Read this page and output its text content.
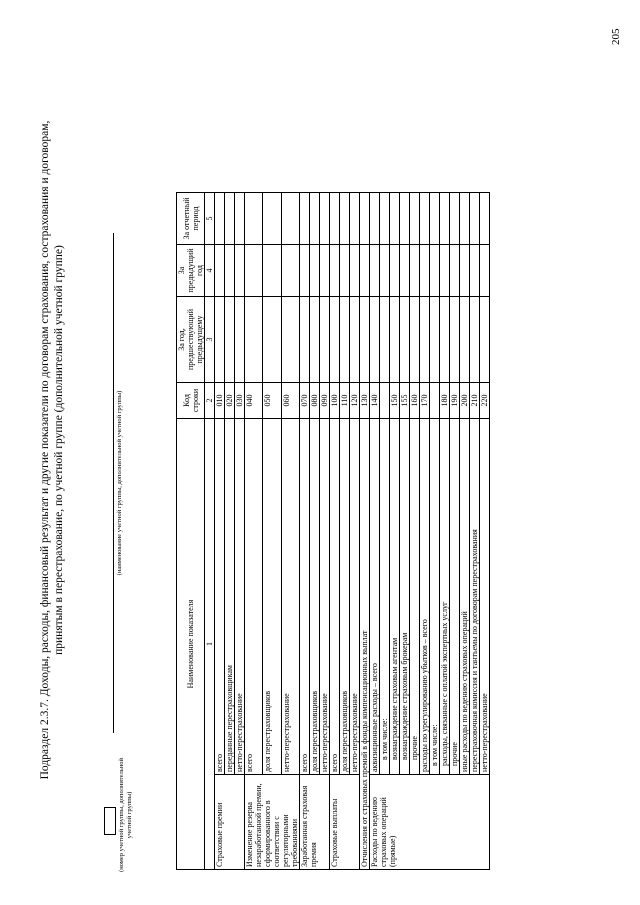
Подраздел 2.3.7. Доходы, расходы, финансовый результат и другие показатели по договорам страхования, сострахования и договорам, принятым в перестрахование, по учетной группе (дополнительной учетной группе)
(номер учетной группы, дополнительной учетной группы)
(наименование учетной группы, дополнительной учетной группы)
Наименование показателя		Код строки	За год, предшествующий предыдущему	За предыдущий год	За отчетный период
1		2	3	4	5
Страховые премии	всего	010			
	переданные перестраховщикам	020			
	нетто-перестрахование	030			
Изменение резерва незаработанной премии, сформированного в соответствии с регуляторными требованиями	всего	040			
	доля перестраховщиков	050			
	нетто-перестрахование	060			
Заработанная страховая премия	всего	070			
	доля перестраховщиков	080			
	нетто-перестрахование	090			
Страховые выплаты	всего	100			
	доля перестраховщиков	110			
	нетто-перестрахование	120			
Отчисления от страховых премий в фонды компенсационных выплат		130			
Расходы по ведению страховых операций (прямые)	аквизиционные расходы – всего	140			
	в том числе:				
	вознаграждение страховым агентам	150			
	вознаграждение страховым брокерам	155			
	прочие	160			
	расходы по урегулированию убытков – всего	170			
	в том числе:				
	расходы, связанные с оплатой экспертных услуг	180			
	прочие	190			
	иные расходы по ведению страховых операций	200			
	перестраховочная комиссия и тантьемы по договорам перестрахования	210			
	нетто-перестрахование	220			
205
